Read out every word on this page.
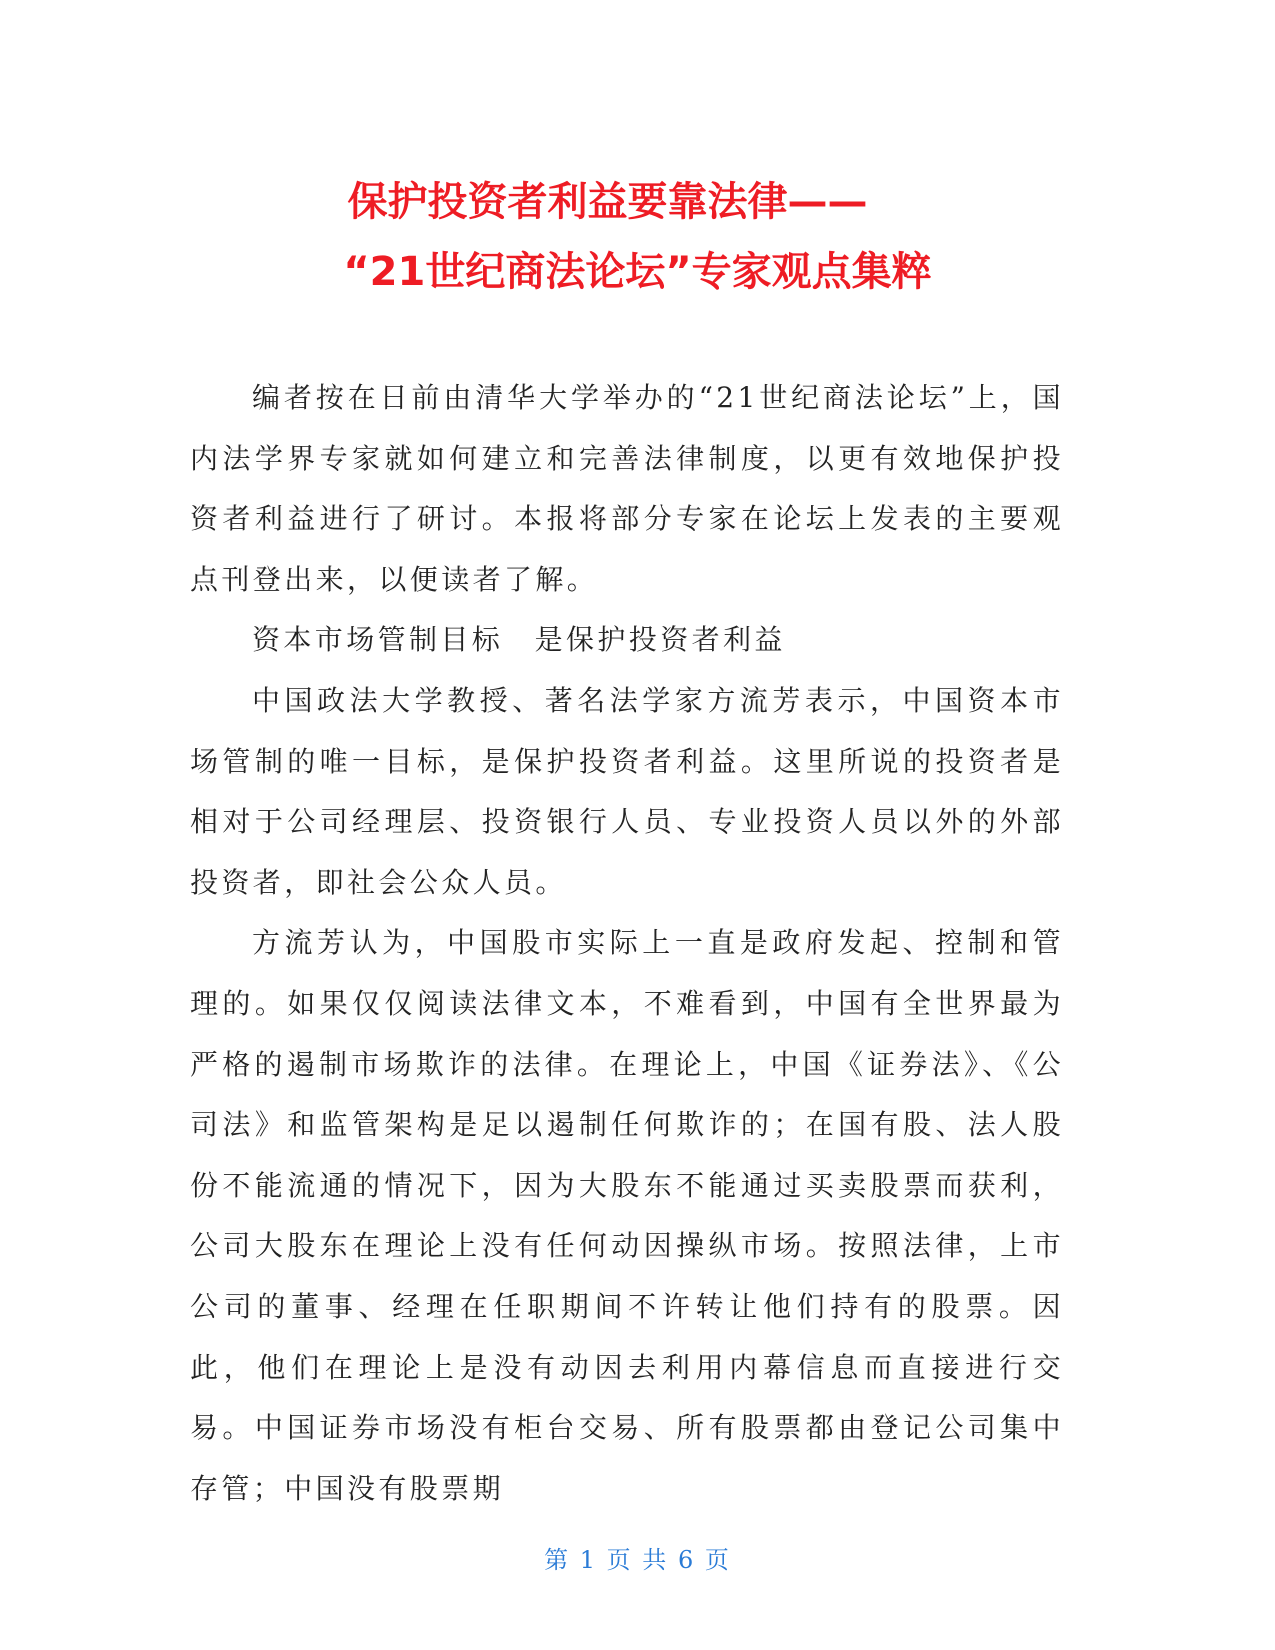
保护投资者利益要靠法律——
“21世纪商法论坛”专家观点集粹

编者按在日前由清华大学举办的“21世纪商法论坛”上，国内法学界专家就如何建立和完善法律制度，以更有效地保护投资者利益进行了研讨。本报将部分专家在论坛上发表的主要观点刊登出来，以便读者了解。

资本市场管制目标　是保护投资者利益

中国政法大学教授、著名法学家方流芳表示，中国资本市场管制的唯一目标，是保护投资者利益。这里所说的投资者是相对于公司经理层、投资银行人员、专业投资人员以外的外部投资者，即社会公众人员。

方流芳认为，中国股市实际上一直是政府发起、控制和管理的。如果仅仅阅读法律文本，不难看到，中国有全世界最为严格的遏制市场欺诈的法律。在理论上，中国《证券法》、《公司法》和监管架构是足以遏制任何欺诈的；在国有股、法人股份不能流通的情况下，因为大股东不能通过买卖股票而获利，公司大股东在理论上没有任何动因操纵市场。按照法律，上市公司的董事、经理在任职期间不许转让他们持有的股票。因此，他们在理论上是没有动因去利用内幕信息而直接进行交易。中国证券市场没有柜台交易、所有股票都由登记公司集中存管；中国没有股票期

第 1 页 共 6 页
